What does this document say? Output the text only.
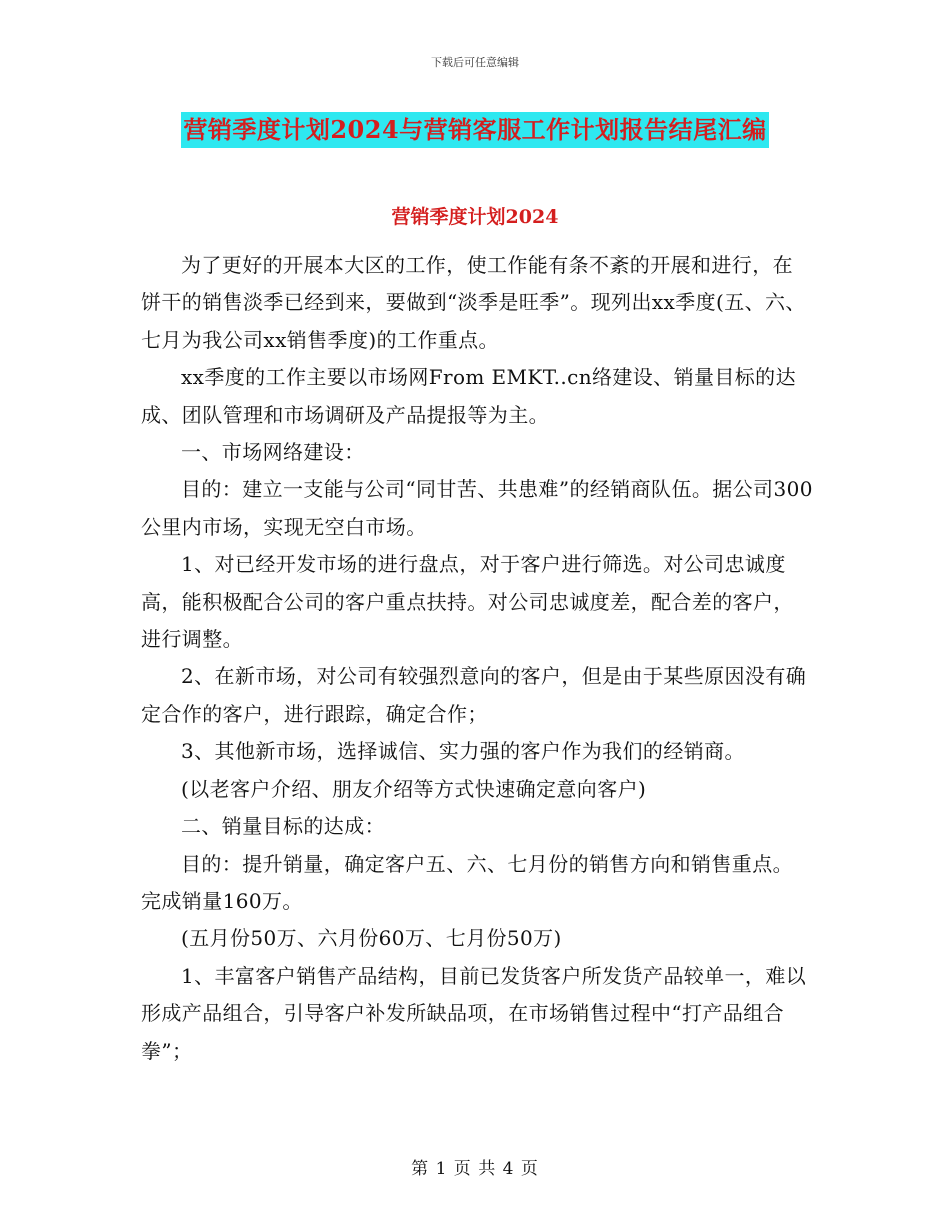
下载后可任意编辑
营销季度计划2024与营销客服工作计划报告结尾汇编
营销季度计划2024

为了更好的开展本大区的工作，使工作能有条不紊的开展和进行，在饼干的销售淡季已经到来，要做到“淡季是旺季”。现列出xx季度(五、六、七月为我公司xx销售季度)的工作重点。

xx季度的工作主要以市场网From EMKT..cn络建设、销量目标的达成、团队管理和市场调研及产品提报等为主。

一、市场网络建设：

目的：建立一支能与公司“同甘苦、共患难”的经销商队伍。据公司300公里内市场，实现无空白市场。

1、对已经开发市场的进行盘点，对于客户进行筛选。对公司忠诚度高，能积极配合公司的客户重点扶持。对公司忠诚度差，配合差的客户，进行调整。

2、在新市场，对公司有较强烈意向的客户，但是由于某些原因没有确定合作的客户，进行跟踪，确定合作；

3、其他新市场，选择诚信、实力强的客户作为我们的经销商。

(以老客户介绍、朋友介绍等方式快速确定意向客户)

二、销量目标的达成：

目的：提升销量，确定客户五、六、七月份的销售方向和销售重点。完成销量160万。

(五月份50万、六月份60万、七月份50万)

1、丰富客户销售产品结构，目前已发货客户所发货产品较单一，难以形成产品组合，引导客户补发所缺品项，在市场销售过程中“打产品组合拳”；

第 1 页 共 4 页
